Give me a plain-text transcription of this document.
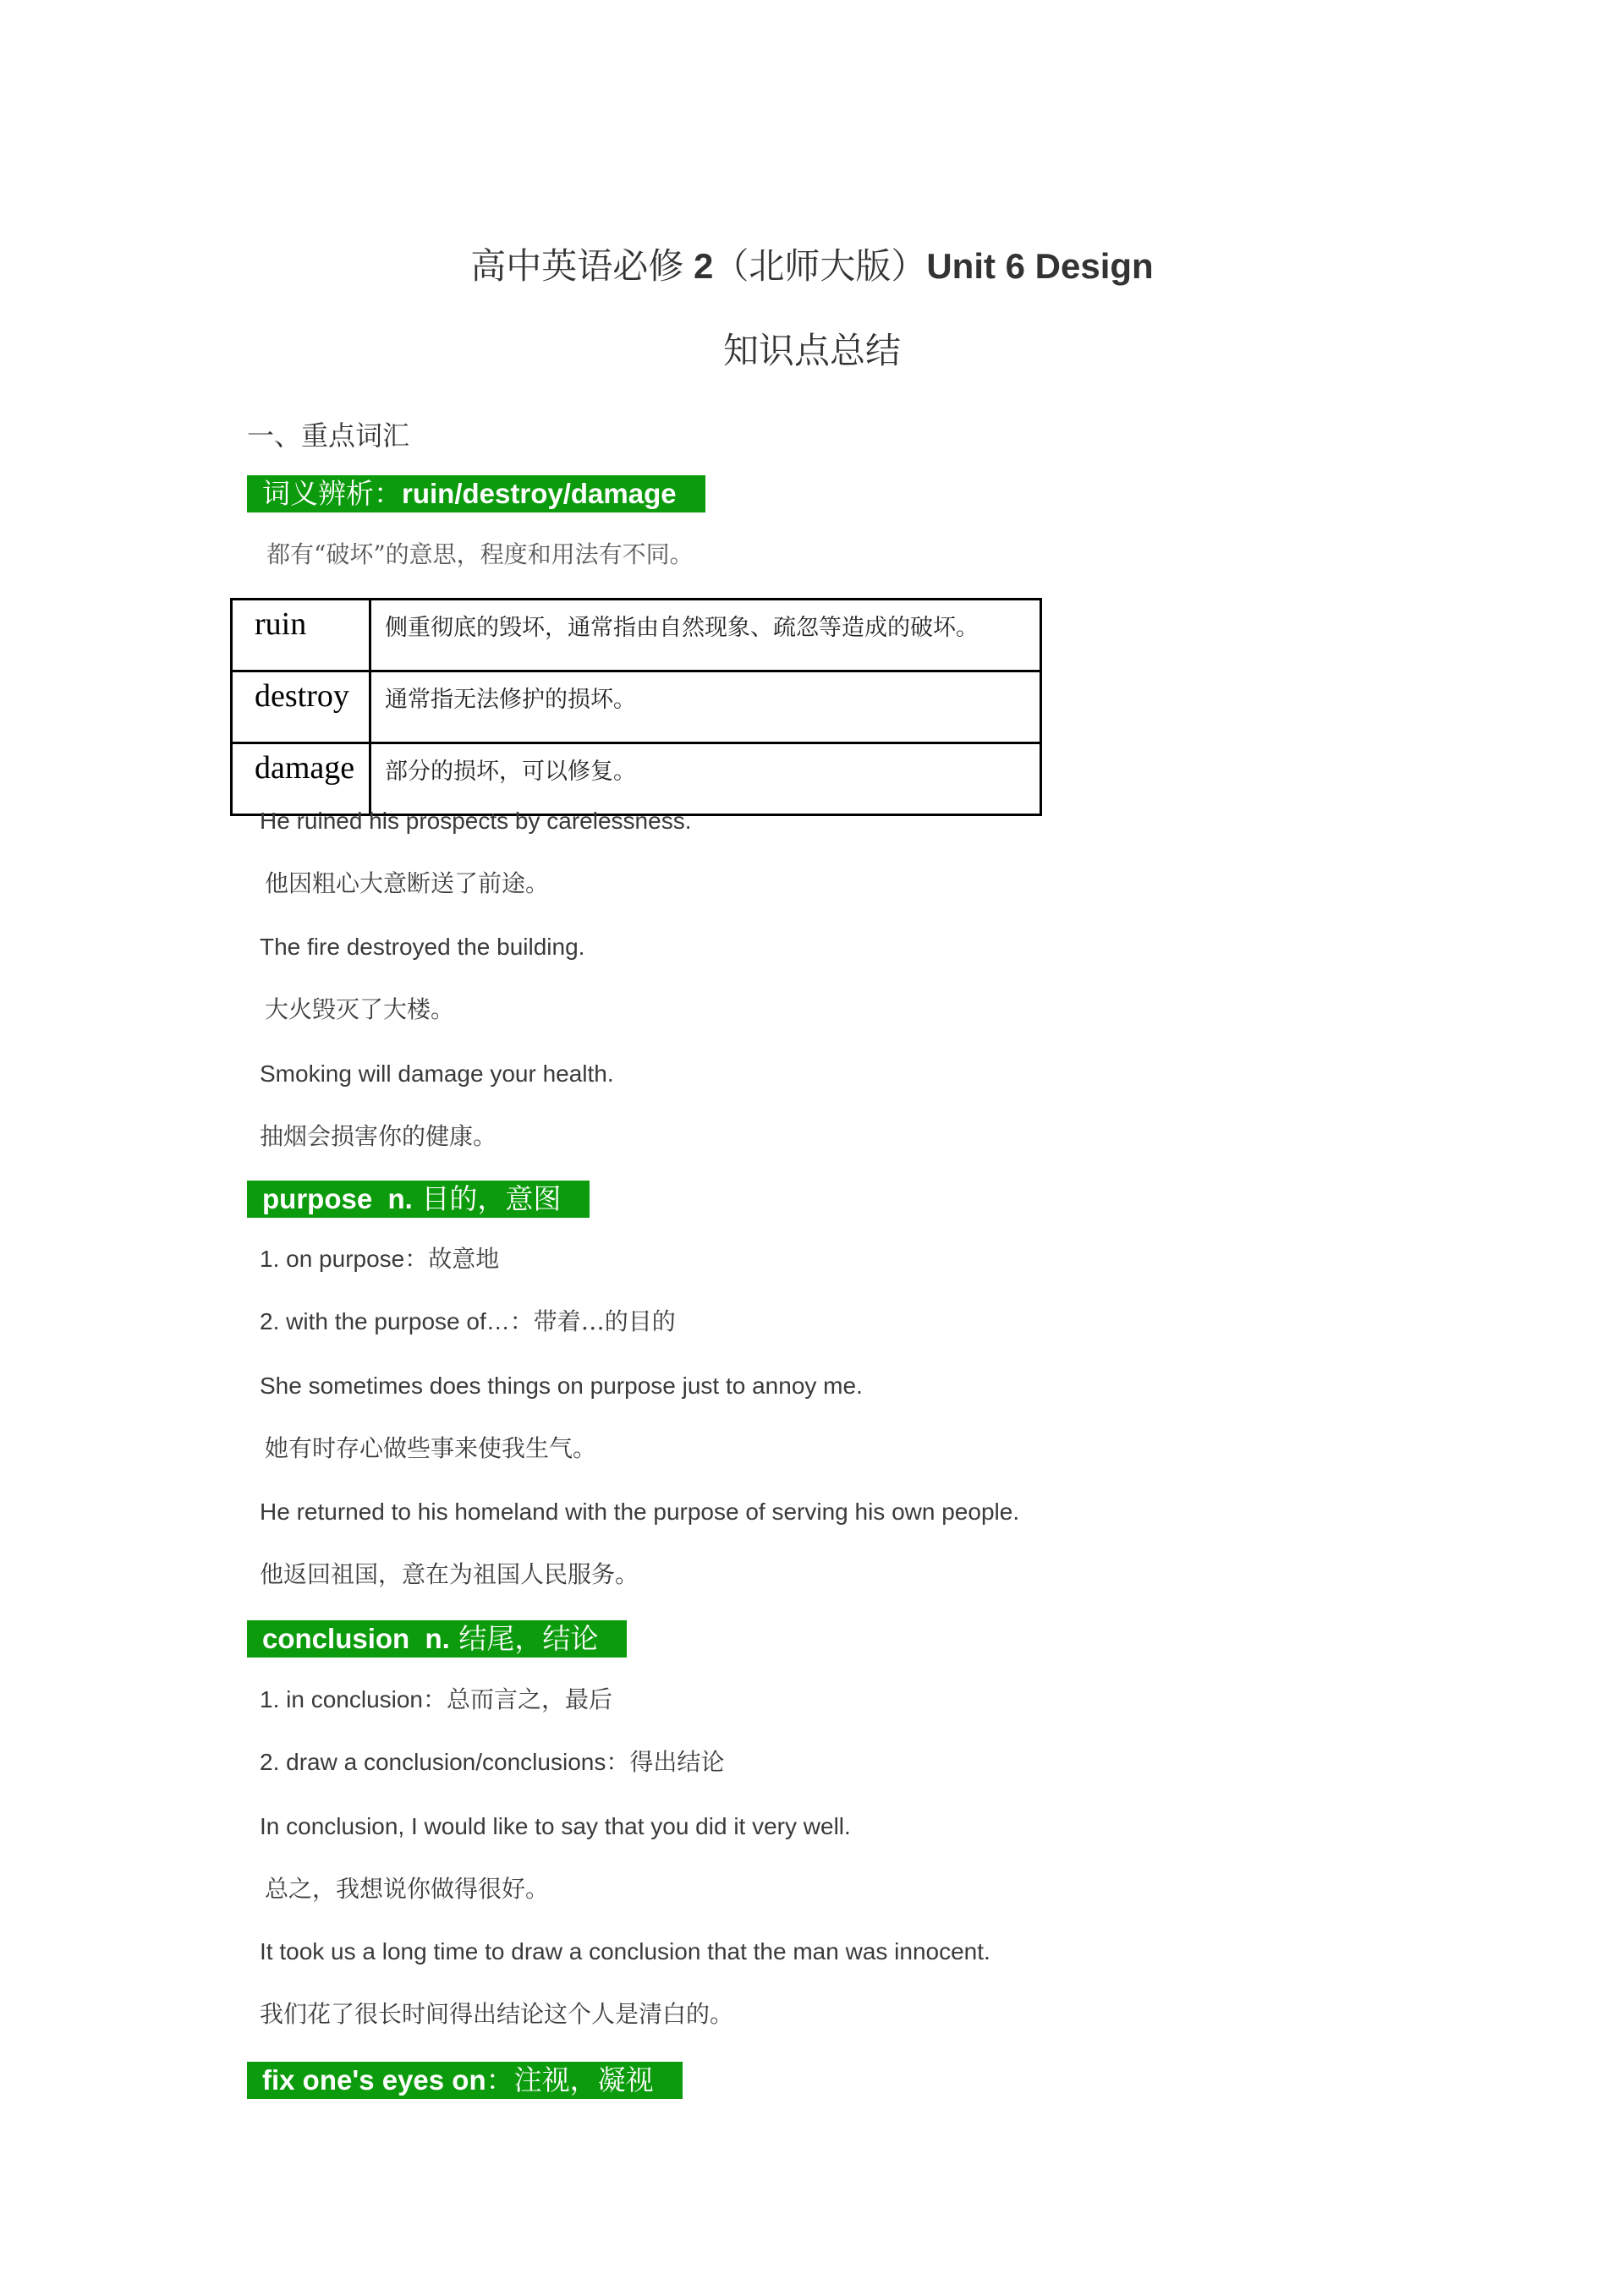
高中英语必修 2（北师大版）Unit 6 Design
知识点总结
一、重点词汇
词义辨析：ruin/destroy/damage
都有“破坏”的意思，程度和用法有不同。
ruin	侧重彻底的毁坏，通常指由自然现象、疏忽等造成的破坏。
destroy	通常指无法修护的损坏。
damage	部分的损坏，可以修复。
He ruined his prospects by carelessness.
他因粗心大意断送了前途。
The fire destroyed the building.
大火毁灭了大楼。
Smoking will damage your health.
抽烟会损害你的健康。
purpose  n. 目的，意图
1. on purpose：故意地
2. with the purpose of…：带着…的目的
She sometimes does things on purpose just to annoy me.
她有时存心做些事来使我生气。
He returned to his homeland with the purpose of serving his own people.
他返回祖国，意在为祖国人民服务。
conclusion  n. 结尾，结论
1. in conclusion：总而言之，最后
2. draw a conclusion/conclusions：得出结论
In conclusion, I would like to say that you did it very well.
总之，我想说你做得很好。
It took us a long time to draw a conclusion that the man was innocent.
我们花了很长时间得出结论这个人是清白的。
fix one's eyes on：注视，凝视
